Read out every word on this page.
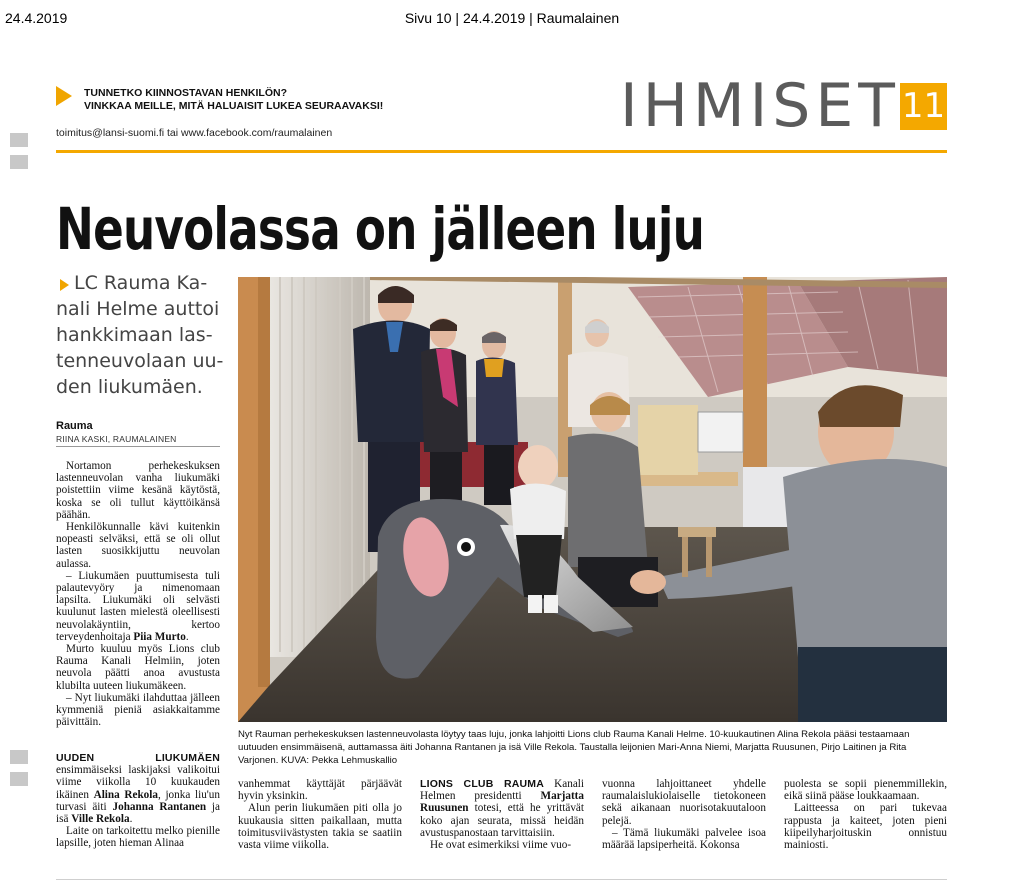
24.4.2019	Sivu 10 | 24.4.2019 | Raumalainen
TUNNETKO KIINNOSTAVAN HENKILÖN?
VINKKAA MEILLE, MITÄ HALUAISIT LUKEA SEURAAVAKSI!
toimitus@lansi-suomi.fi tai www.facebook.com/raumalainen	IHMISET 11
Neuvolassa on jälleen luju
LC Rauma Ka-
nali Helme auttoi
hankkimaan las-
tenneuvolaan uu-
den liukumäen.
Rauma
RIINA KASKI, RAUMALAINEN

Nortamon perhekeskuksen lastenneuvolan vanha liukumäki poistettiin viime kesänä käytöstä, koska se oli tullut käyttöikänsä päähän.

Henkilökunnalle kävi kuitenkin nopeasti selväksi, että se oli ollut lasten suosikkijuttu neuvolan aulassa.

– Liukumäen puuttumisesta tuli palautevyöry ja nimenomaan lapsilta. Liukumäki oli selvästi kuulunut lasten mielestä oleellisesti neuvolakäyntiin, kertoo terveydenhoitaja Piia Murto.

Murto kuuluu myös Lions club Rauma Kanali Helmiin, joten neuvola päätti anoa avustusta klubilta uuteen liukumäkeen.

– Nyt liukumäki ilahduttaa jälleen kymmeniä pieniä asiakkaitamme päivittäin.

Nyt Rauman perhekeskuksen lastenneuvolasta löytyy taas luju, jonka lahjoitti Lions club Rauma Kanali Helme. 10-kuukautinen Alina Rekola pääsi testaamaan uutuuden ensimmäisenä, auttamassa äiti Johanna Rantanen ja isä Ville Rekola. Taustalla leijonien Mari-Anna Niemi, Marjatta Ruusunen, Pirjo Laitinen ja Rita Varjonen. KUVA: Pekka Lehmuskallio

UUDEN LIUKUMÄEN ensimmäiseksi laskijaksi valikoitui viime viikolla 10 kuukauden ikäinen Alina Rekola, jonka liu'un turvasi äiti Johanna Rantanen ja isä Ville Rekola.

Laite on tarkoitettu melko pienille lapsille, joten hieman Alinaa

vanhemmat käyttäjät pärjäävät hyvin yksinkin.

Alun perin liukumäen piti olla jo kuukausia sitten paikallaan, mutta toimitusviivästysten takia se saatiin vasta viime viikolla.

LIONS CLUB RAUMA Kanali Helmen presidentti Marjatta Ruusunen totesi, että he yrittävät koko ajan seurata, missä heidän avustuspanostaan tarvittaisiin.

He ovat esimerkiksi viime vuo-

vuonna lahjoittaneet yhdelle raumalaislukiolaiselle tietokoneen sekä aikanaan nuorisotakuutaloon pelejä.

– Tämä liukumäki palvelee isoa määrää lapsiperheitä. Kokonsa

puolesta se sopii pienemmillekin, eikä siinä pääse loukkaamaan.

Laitteessa on pari tukevaa rappusta ja kaiteet, joten pieni kiipeilyharjoituskin onnistuu mainiosti.
